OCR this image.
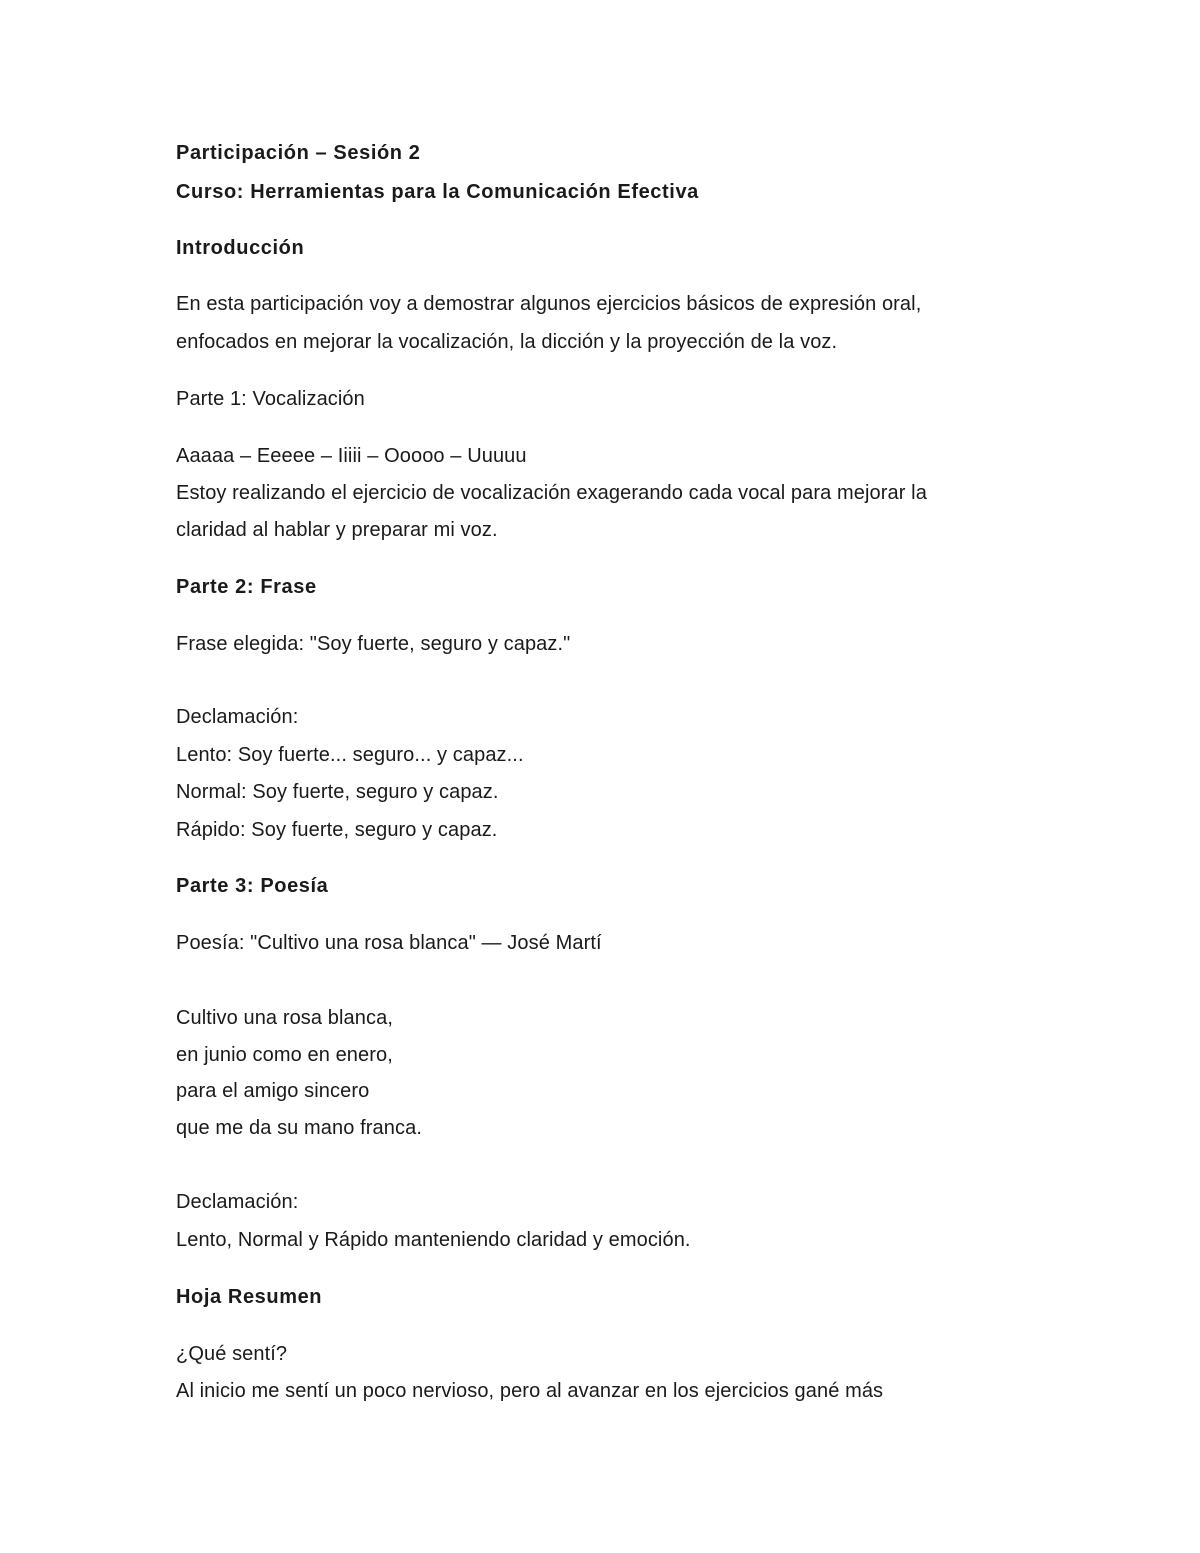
Participación – Sesión 2
Curso: Herramientas para la Comunicación Efectiva
Introducción
En esta participación voy a demostrar algunos ejercicios básicos de expresión oral,
enfocados en mejorar la vocalización, la dicción y la proyección de la voz.
Parte 1: Vocalización
Aaaaa – Eeeee – Iiiii – Ooooo – Uuuuu
Estoy realizando el ejercicio de vocalización exagerando cada vocal para mejorar la
claridad al hablar y preparar mi voz.
Parte 2: Frase
Frase elegida: "Soy fuerte, seguro y capaz."
Declamación:
Lento: Soy fuerte... seguro... y capaz...
Normal: Soy fuerte, seguro y capaz.
Rápido: Soy fuerte, seguro y capaz.
Parte 3: Poesía
Poesía: "Cultivo una rosa blanca" — José Martí
Cultivo una rosa blanca,
en junio como en enero,
para el amigo sincero
que me da su mano franca.
Declamación:
Lento, Normal y Rápido manteniendo claridad y emoción.
Hoja Resumen
¿Qué sentí?
Al inicio me sentí un poco nervioso, pero al avanzar en los ejercicios gané más
